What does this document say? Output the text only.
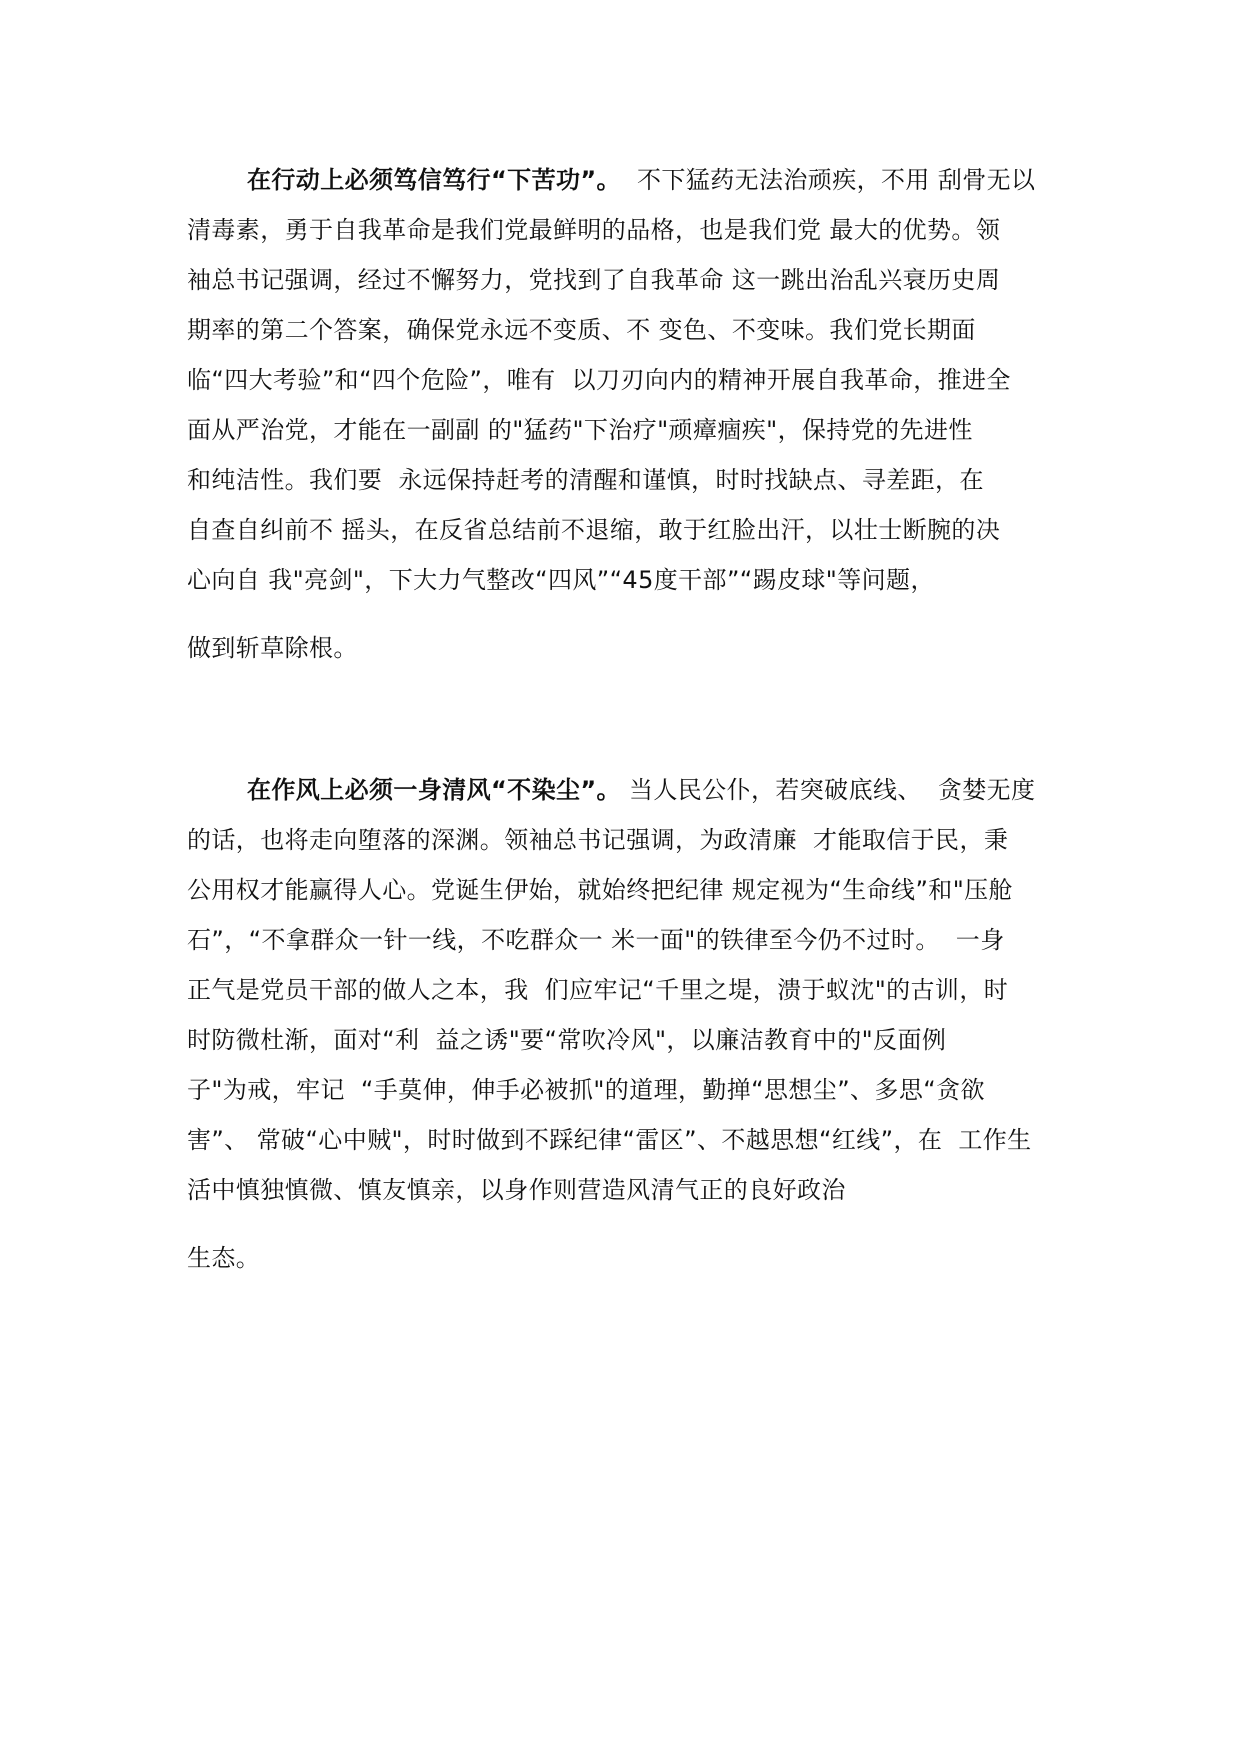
在行动上必须笃信笃行“下苦功”。  不下猛药无法治顽疾，不用 刮骨无以
清毒素，勇于自我革命是我们党最鲜明的品格，也是我们党 最大的优势。领
袖总书记强调，经过不懈努力，党找到了自我革命 这一跳出治乱兴衰历史周
期率的第二个答案，确保党永远不变质、不 变色、不变味。我们党长期面
临“四大考验”和“四个危险”，唯有  以刀刃向内的精神开展自我革命，推进全
面从严治党，才能在一副副 的"猛药"下治疗"顽瘴痼疾"，保持党的先进性
和纯洁性。我们要  永远保持赶考的清醒和谨慎，时时找缺点、寻差距，在
自查自纠前不 摇头，在反省总结前不退缩，敢于红脸出汗，以壮士断腕的决
心向自 我"亮剑"，下大力气整改“四风”“45度干部”“踢皮球"等问题，
做到斩草除根。
在作风上必须一身清风“不染尘”。 当人民公仆，若突破底线、  贪婪无度
的话，也将走向堕落的深渊。领袖总书记强调，为政清廉  才能取信于民，秉
公用权才能赢得人心。党诞生伊始，就始终把纪律 规定视为“生命线”和"压舱
石”，“不拿群众一针一线，不吃群众一 米一面"的铁律至今仍不过时。  一身
正气是党员干部的做人之本，我  们应牢记“千里之堤，溃于蚁沈"的古训，时
时防微杜渐，面对“利  益之诱"要“常吹冷风"，以廉洁教育中的"反面例
子"为戒，牢记  “手莫伸，伸手必被抓"的道理，勤掸“思想尘”、多思“贪欲
害”、 常破“心中贼"，时时做到不踩纪律“雷区”、不越思想“红线”，在  工作生
活中慎独慎微、慎友慎亲，以身作则营造风清气正的良好政治
生态。
